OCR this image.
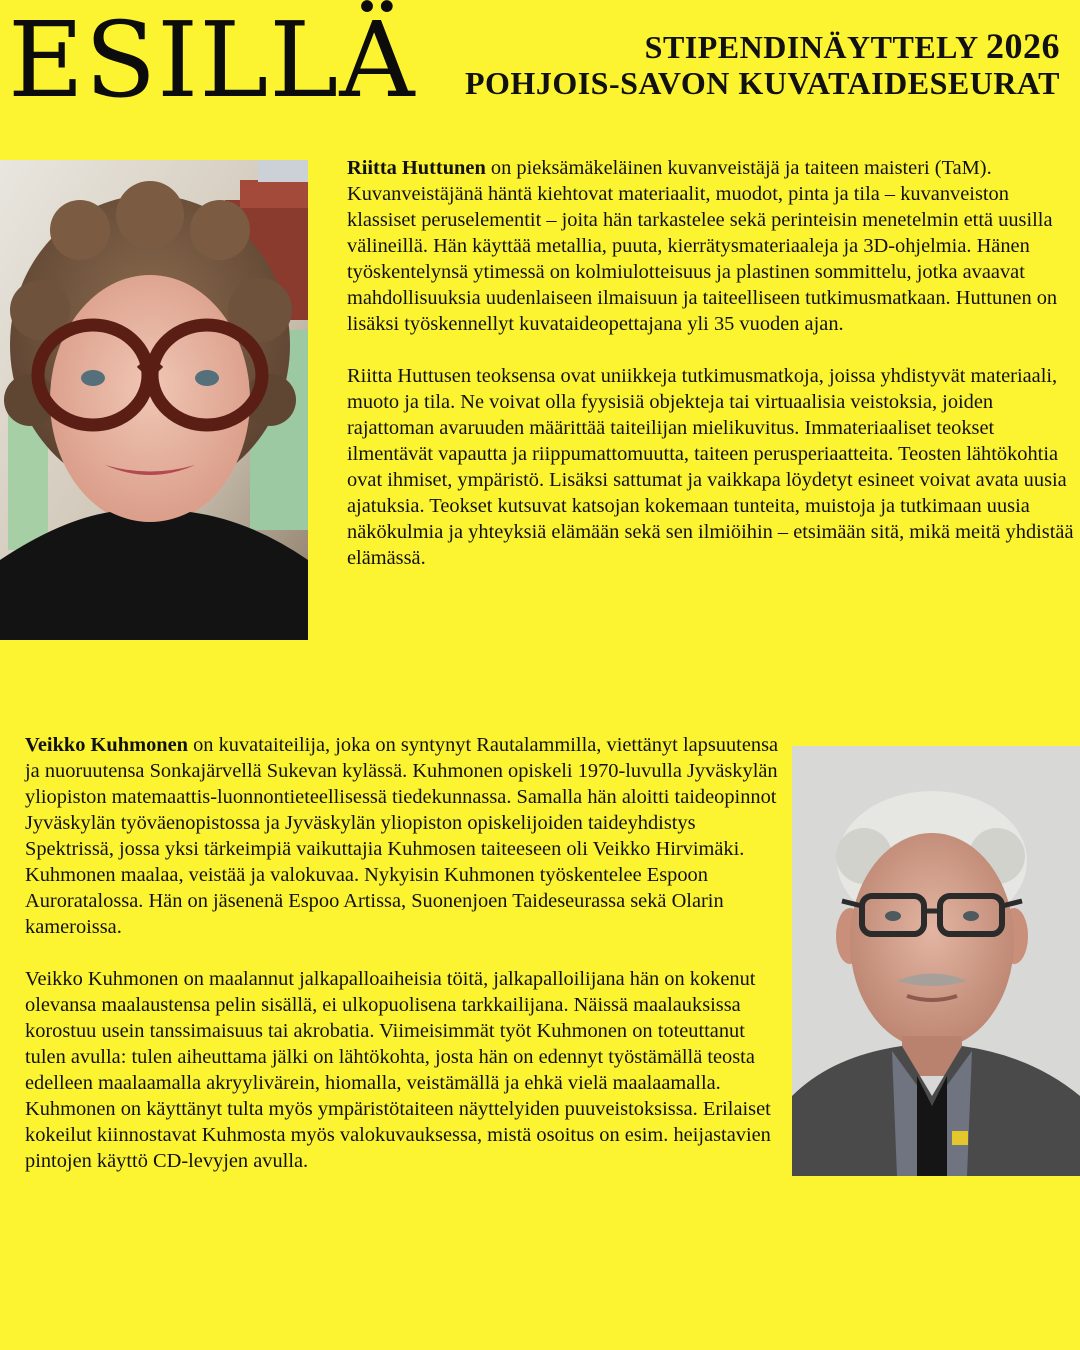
ESILLÄ	STIPENDINÄYTTELY 2026
POHJOIS-SAVON KUVATAIDESEURAT

Riitta Huttunen on pieksämäkeläinen kuvanveistäjä ja taiteen maisteri (TaM). Kuvanveistäjänä häntä kiehtovat materiaalit, muodot, pinta ja tila – kuvanveiston klassiset peruselementit – joita hän tarkastelee sekä perinteisin menetelmin että uusilla välineillä. Hän käyttää metallia, puuta, kierrätysmateriaaleja ja 3D-ohjelmia. Hänen työskentelynsä ytimessä on kolmiulotteisuus ja plastinen sommittelu, jotka avaavat mahdollisuuksia uudenlaiseen ilmaisuun ja taiteelliseen tutkimusmatkaan. Huttunen on lisäksi työskennellyt kuvataideopettajana yli 35 vuoden ajan.

Riitta Huttusen teoksensa ovat uniikkeja tutkimusmatkoja, joissa yhdistyvät materiaali, muoto ja tila. Ne voivat olla fyysisiä objekteja tai virtuaalisia veistoksia, joiden rajattoman avaruuden määrittää taiteilijan mielikuvitus. Immateriaaliset teokset ilmentävät vapautta ja riippumattomuutta, taiteen perusperiaatteita. Teosten lähtökohtia ovat ihmiset, ympäristö. Lisäksi sattumat ja vaikkapa löydetyt esineet voivat avata uusia ajatuksia. Teokset kutsuvat katsojan kokemaan tunteita, muistoja ja tutkimaan uusia näkökulmia ja yhteyksiä elämään sekä sen ilmiöihin – etsimään sitä, mikä meitä yhdistää elämässä.

Veikko Kuhmonen on kuvataiteilija, joka on syntynyt Rautalammilla, viettänyt lapsuutensa ja nuoruutensa Sonkajärvellä Sukevan kylässä. Kuhmonen opiskeli 1970-luvulla Jyväskylän yliopiston matemaattis-luonnontieteellisessä tiedekunnassa. Samalla hän aloitti taideopinnot Jyväskylän työväenopistossa ja Jyväskylän yliopiston opiskelijoiden taideyhdistys Spektrissä, jossa yksi tärkeimpiä vaikuttajia Kuhmosen taiteeseen oli Veikko Hirvimäki. Kuhmonen maalaa, veistää ja valokuvaa. Nykyisin Kuhmonen työskentelee Espoon Auroratalossa. Hän on jäsenenä Espoo Artissa, Suonenjoen Taideseurassa sekä Olarin kameroissa.

Veikko Kuhmonen on maalannut jalkapalloaiheisia töitä, jalkapalloilijana hän on kokenut olevansa maalaustensa pelin sisällä, ei ulkopuolisena tarkkailijana. Näissä maalauksissa korostuu usein tanssimaisuus tai akrobatia. Viimeisimmät työt Kuhmonen on toteuttanut tulen avulla: tulen aiheuttama jälki on lähtökohta, josta hän on edennyt työstämällä teosta edelleen maalaamalla akryylivärein, hiomalla, veistämällä ja ehkä vielä maalaamalla. Kuhmonen on käyttänyt tulta myös ympäristötaiteen näyttelyiden puuveistoksissa. Erilaiset kokeilut kiinnostavat Kuhmosta myös valokuvauksessa, mistä osoitus on esim. heijastavien pintojen käyttö CD-levyjen avulla.
